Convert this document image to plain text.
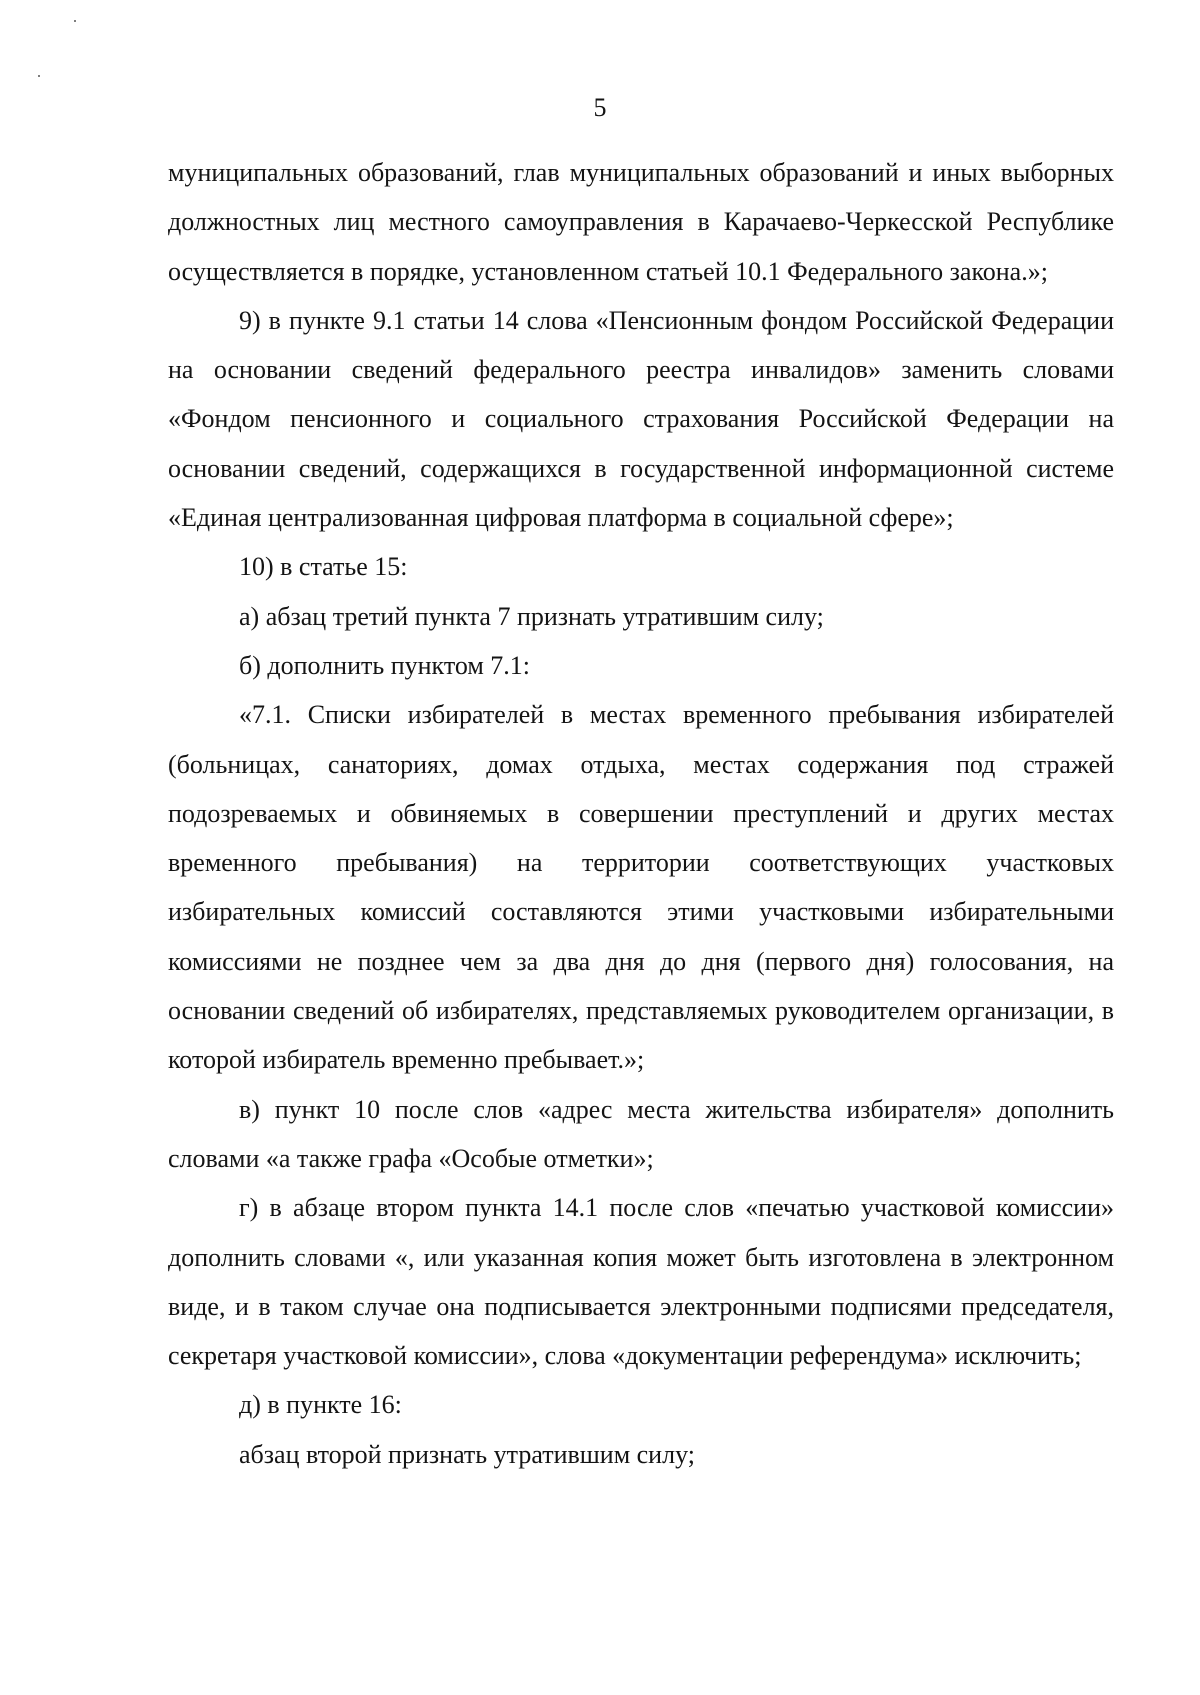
5

муниципальных образований, глав муниципальных образований и иных выборных должностных лиц местного самоуправления в Карачаево-Черкесской Республике осуществляется в порядке, установленном статьей 10.1 Федерального закона.»;

9) в пункте 9.1 статьи 14 слова «Пенсионным фондом Российской Федерации на основании сведений федерального реестра инвалидов» заменить словами «Фондом пенсионного и социального страхования Российской Федерации на основании сведений, содержащихся в государственной информационной системе «Единая централизованная цифровая платформа в социальной сфере»;

10) в статье 15:

а) абзац третий пункта 7 признать утратившим силу;

б) дополнить пунктом 7.1:

«7.1. Списки избирателей в местах временного пребывания избирателей (больницах, санаториях, домах отдыха, местах содержания под стражей подозреваемых и обвиняемых в совершении преступлений и других местах временного пребывания) на территории соответствующих участковых избирательных комиссий составляются этими участковыми избирательными комиссиями не позднее чем за два дня до дня (первого дня) голосования, на основании сведений об избирателях, представляемых руководителем организации, в которой избиратель временно пребывает.»;

в) пункт 10 после слов «адрес места жительства избирателя» дополнить словами «а также графа «Особые отметки»;

г) в абзаце втором пункта 14.1 после слов «печатью участковой комиссии» дополнить словами «, или указанная копия может быть изготовлена в электронном виде, и в таком случае она подписывается электронными подписями председателя, секретаря участковой комиссии», слова «документации референдума» исключить;

д) в пункте 16:

абзац второй признать утратившим силу;
